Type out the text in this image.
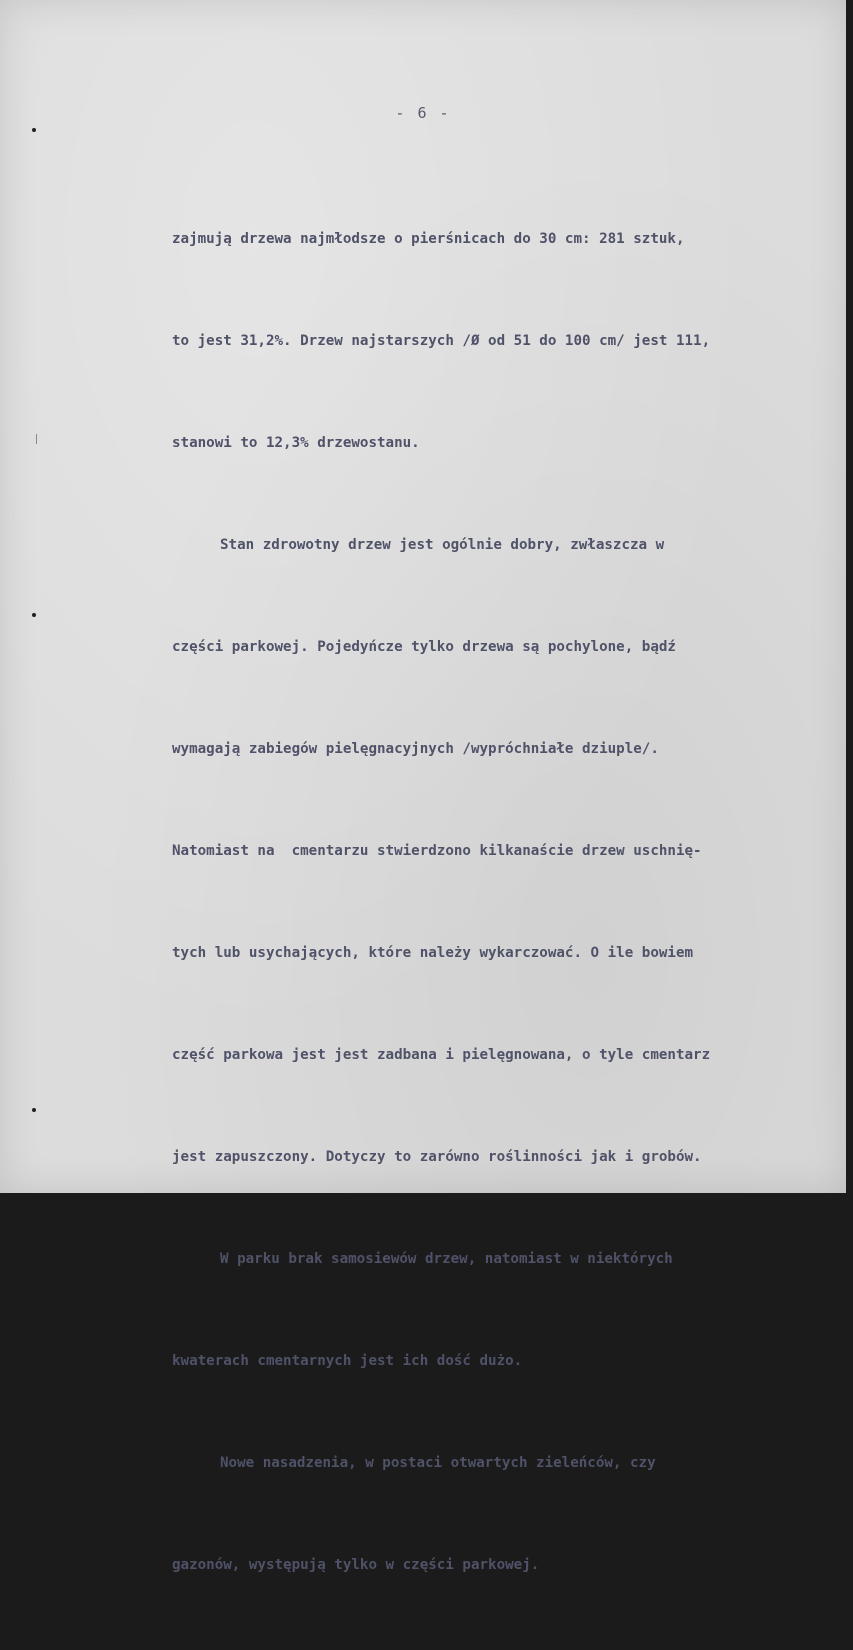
- 6 -

zajmują drzewa najmłodsze o pierśnicach do 30 cm: 281 sztuk,

to jest 31,2%. Drzew najstarszych /Ø od 51 do 100 cm/ jest 111,

stanowi to 12,3% drzewostanu.

Stan zdrowotny drzew jest ogólnie dobry, zwłaszcza w

części parkowej. Pojedyńcze tylko drzewa są pochylone, bądź

wymagają zabiegów pielęgnacyjnych /wypróchniałe dziuple/.

Natomiast na  cmentarzu stwierdzono kilkanaście drzew uschnię-

tych lub usychających, które należy wykarczować. O ile bowiem

część parkowa jest jest zadbana i pielęgnowana, o tyle cmentarz

jest zapuszczony. Dotyczy to zarówno roślinności jak i grobów.

W parku brak samosiewów drzew, natomiast w niektórych

kwaterach cmentarnych jest ich dość dużo.

Nowe nasadzenia, w postaci otwartych zieleńców, czy

gazonów, występują tylko w części parkowej.
